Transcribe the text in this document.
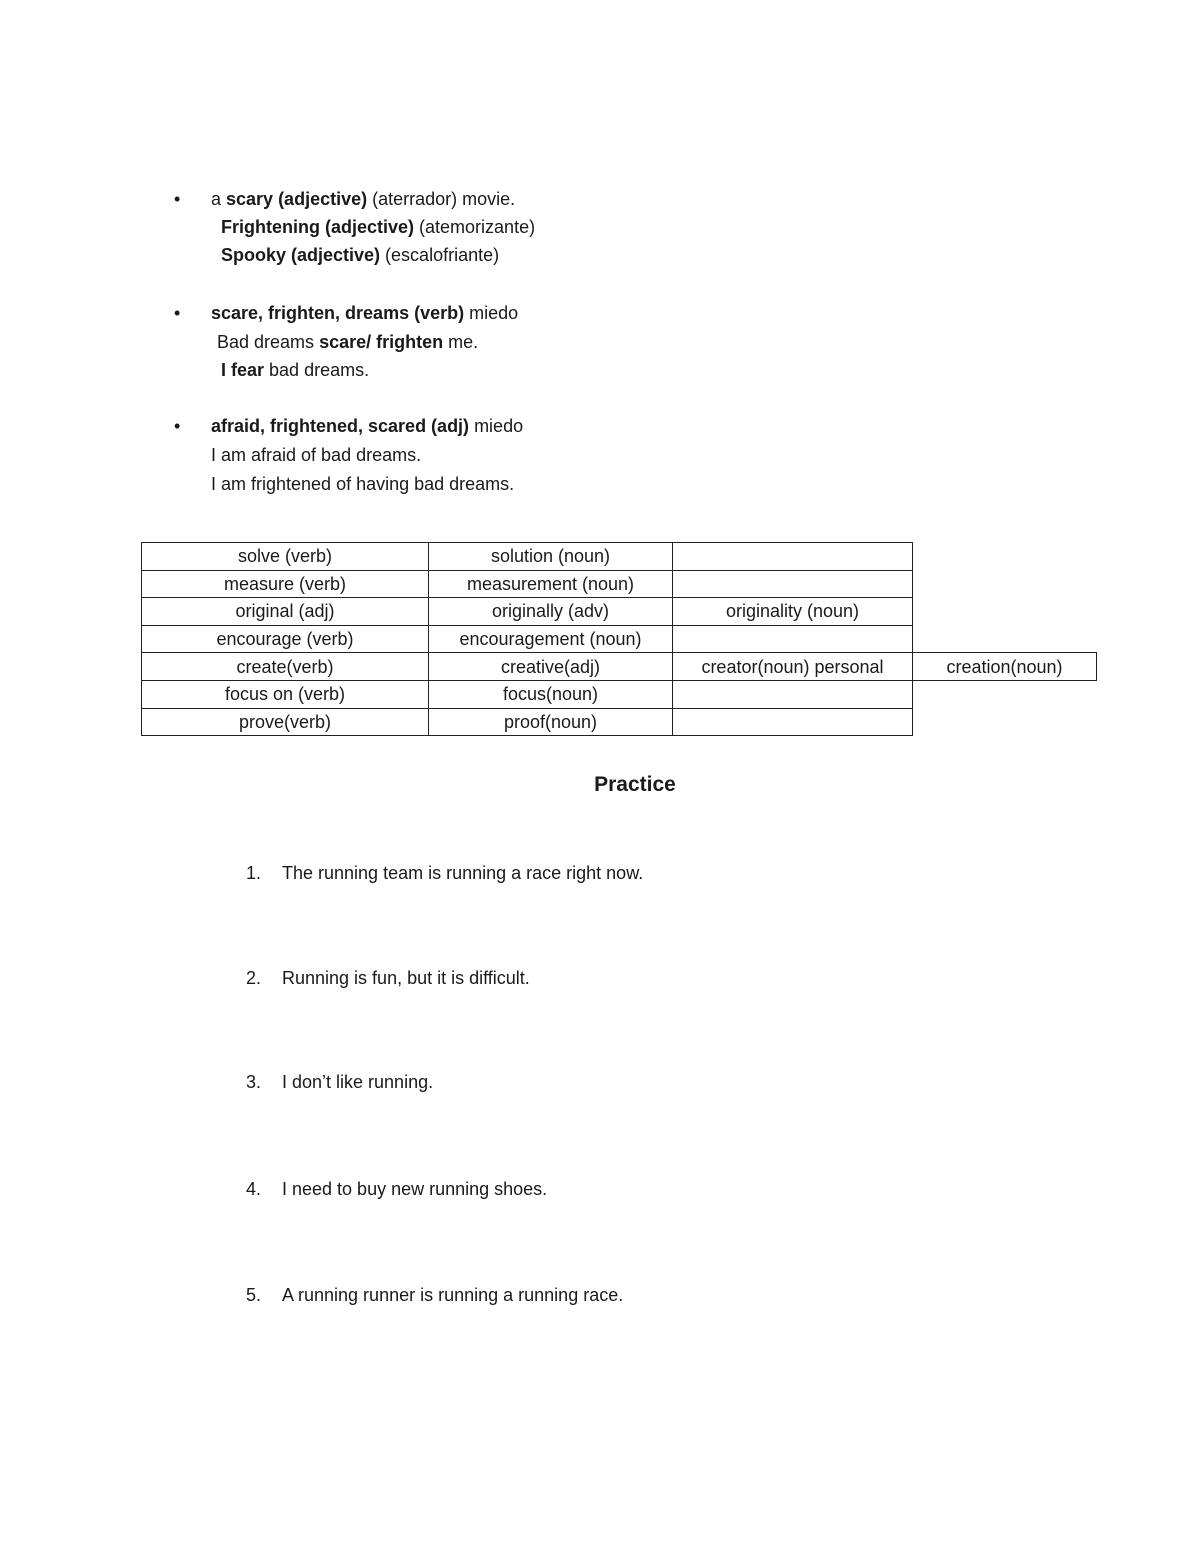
• a scary (adjective) (aterrador) movie.
Frightening (adjective) (atemorizante)
Spooky (adjective) (escalofriante)
• scare, frighten, dreams (verb) miedo
Bad dreams scare/ frighten me.
I fear bad dreams.
• afraid, frightened, scared (adj) miedo
I am afraid of bad dreams.
I am frightened of having bad dreams.
solve (verb)	solution (noun)		
measure (verb)	measurement (noun)		
original (adj)	originally (adv)	originality (noun)	
encourage (verb)	encouragement (noun)		
create(verb)	creative(adj)	creator(noun) personal	creation(noun)
focus on (verb)	focus(noun)		
prove(verb)	proof(noun)		
Practice
1. The running team is running a race right now.
2. Running is fun, but it is difficult.
3. I don’t like running.
4. I need to buy new running shoes.
5. A running runner is running a running race.
